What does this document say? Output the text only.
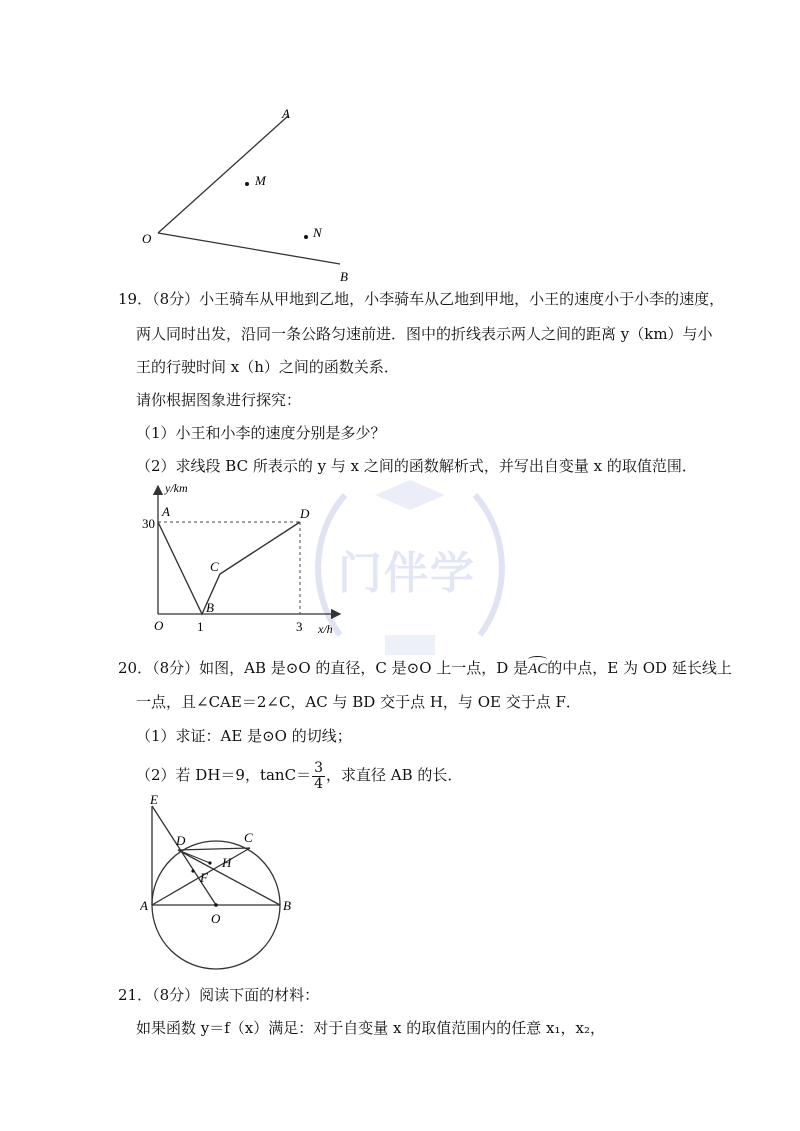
门伴学
A
M
N
O
B
19．（8分）小王骑车从甲地到乙地，小李骑车从乙地到甲地，小王的速度小于小李的速度，
两人同时出发，沿同一条公路匀速前进．图中的折线表示两人之间的距离 y（km）与小
王的行驶时间 x（h）之间的函数关系．
请你根据图象进行探究：
（1）小王和小李的速度分别是多少？
（2）求线段 BC 所表示的 y 与 x 之间的函数解析式，并写出自变量 x 的取值范围．
y/km
x/h
30
O	1	3
A
B
C
D
20．（8分）如图，AB 是⊙O 的直径，C 是⊙O 上一点，D 是AC的中点，E 为 OD 延长线上
一点，且∠CAE＝2∠C，AC 与 BD 交于点 H，与 OE 交于点 F．
（1）求证：AE 是⊙O 的切线；
（2）若 DH＝9，$\tan C= \frac{3}{4}$ ，求直径 AB 的长．
E
D	C
H
F
A
O
B
21．（8分）阅读下面的材料：
如果函数 y＝f（x）满足：对于自变量 x 的取值范围内的任意 x₁，x₂，
